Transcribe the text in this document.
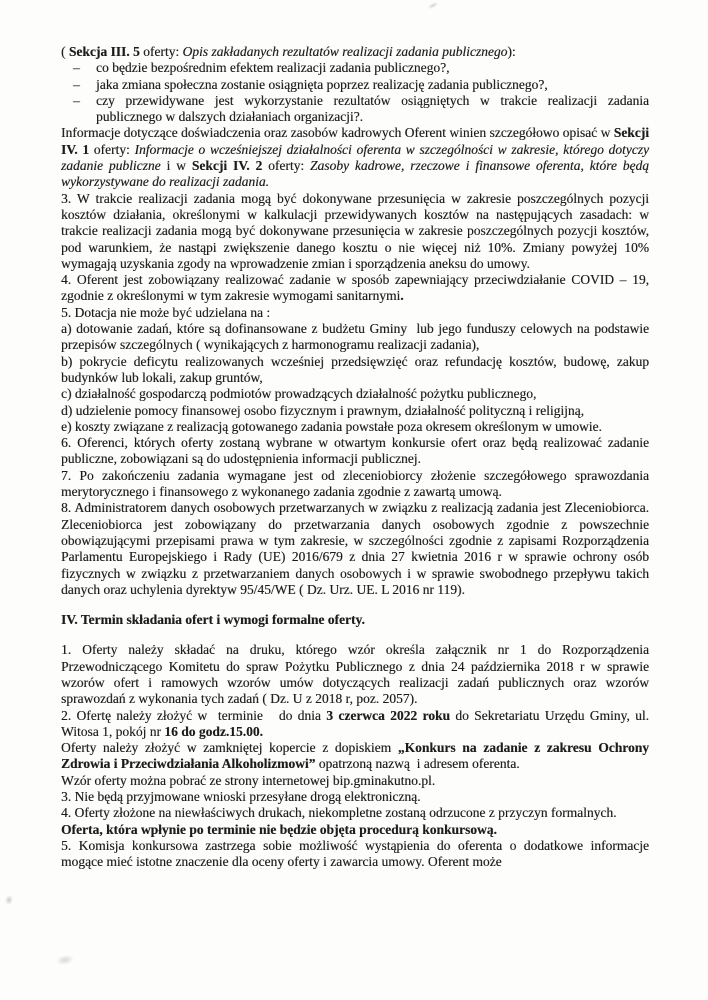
( Sekcja III. 5 oferty: Opis zakładanych rezultatów realizacji zadania publicznego):
–	co będzie bezpośrednim efektem realizacji zadania publicznego?,
–	jaka zmiana społeczna zostanie osiągnięta poprzez realizację zadania publicznego?,
–	czy przewidywane jest wykorzystanie rezultatów osiągniętych w trakcie realizacji zadania publicznego w dalszych działaniach organizacji?.
Informacje dotyczące doświadczenia oraz zasobów kadrowych Oferent winien szczegółowo opisać w Sekcji IV. 1 oferty: Informacje o wcześniejszej działalności oferenta w szczególności w zakresie, którego dotyczy zadanie publiczne i w Sekcji IV. 2 oferty: Zasoby kadrowe, rzeczowe i finansowe oferenta, które będą wykorzystywane do realizacji zadania.
3. W trakcie realizacji zadania mogą być dokonywane przesunięcia w zakresie poszczególnych pozycji kosztów działania, określonymi w kalkulacji przewidywanych kosztów na następujących zasadach: w trakcie realizacji zadania mogą być dokonywane przesunięcia w zakresie poszczególnych pozycji kosztów, pod warunkiem, że nastąpi zwiększenie danego kosztu o nie więcej niż 10%. Zmiany powyżej 10% wymagają uzyskania zgody na wprowadzenie zmian i sporządzenia aneksu do umowy.
4. Oferent jest zobowiązany realizować zadanie w sposób zapewniający przeciwdziałanie COVID – 19, zgodnie z określonymi w tym zakresie wymogami sanitarnymi.
5. Dotacja nie może być udzielana na :
a) dotowanie zadań, które są dofinansowane z budżetu Gminy  lub jego funduszy celowych na podstawie przepisów szczególnych ( wynikających z harmonogramu realizacji zadania),
b) pokrycie deficytu realizowanych wcześniej przedsięwzięć oraz refundację kosztów, budowę, zakup budynków lub lokali, zakup gruntów,
c) działalność gospodarczą podmiotów prowadzących działalność pożytku publicznego,
d) udzielenie pomocy finansowej osobo fizycznym i prawnym, działalność polityczną i religijną,
e) koszty związane z realizacją gotowanego zadania powstałe poza okresem określonym w umowie.
6. Oferenci, których oferty zostaną wybrane w otwartym konkursie ofert oraz będą realizować zadanie publiczne, zobowiązani są do udostępnienia informacji publicznej.
7. Po zakończeniu zadania wymagane jest od zleceniobiorcy złożenie szczegółowego sprawozdania merytorycznego i finansowego z wykonanego zadania zgodnie z zawartą umową.
8. Administratorem danych osobowych przetwarzanych w związku z realizacją zadania jest Zleceniobiorca. Zleceniobiorca jest zobowiązany do przetwarzania danych osobowych zgodnie z powszechnie obowiązującymi przepisami prawa w tym zakresie, w szczególności zgodnie z zapisami Rozporządzenia Parlamentu Europejskiego i Rady (UE) 2016/679 z dnia 27 kwietnia 2016 r w sprawie ochrony osób fizycznych w związku z przetwarzaniem danych osobowych i w sprawie swobodnego przepływu takich danych oraz uchylenia dyrektyw 95/45/WE ( Dz. Urz. UE. L 2016 nr 119).
IV. Termin składania ofert i wymogi formalne oferty.
1. Oferty należy składać na druku, którego wzór określa załącznik nr 1 do Rozporządzenia Przewodniczącego Komitetu do spraw Pożytku Publicznego z dnia 24 października 2018 r w sprawie wzorów ofert i ramowych wzorów umów dotyczących realizacji zadań publicznych oraz wzorów sprawozdań z wykonania tych zadań ( Dz. U z 2018 r, poz. 2057).
2. Ofertę należy złożyć w  terminie   do dnia 3 czerwca 2022 roku do Sekretariatu Urzędu Gminy, ul. Witosa 1, pokój nr 16 do godz.15.00.
Oferty należy złożyć w zamkniętej kopercie z dopiskiem „Konkurs na zadanie z zakresu Ochrony Zdrowia i Przeciwdziałania Alkoholizmowi” opatrzoną nazwą  i adresem oferenta.
Wzór oferty można pobrać ze strony internetowej bip.gminakutno.pl.
3. Nie będą przyjmowane wnioski przesyłane drogą elektroniczną.
4. Oferty złożone na niewłaściwych drukach, niekompletne zostaną odrzucone z przyczyn formalnych.
Oferta, która wpłynie po terminie nie będzie objęta procedurą konkursową.
5. Komisja konkursowa zastrzega sobie możliwość wystąpienia do oferenta o dodatkowe informacje mogące mieć istotne znaczenie dla oceny oferty i zawarcia umowy. Oferent może
